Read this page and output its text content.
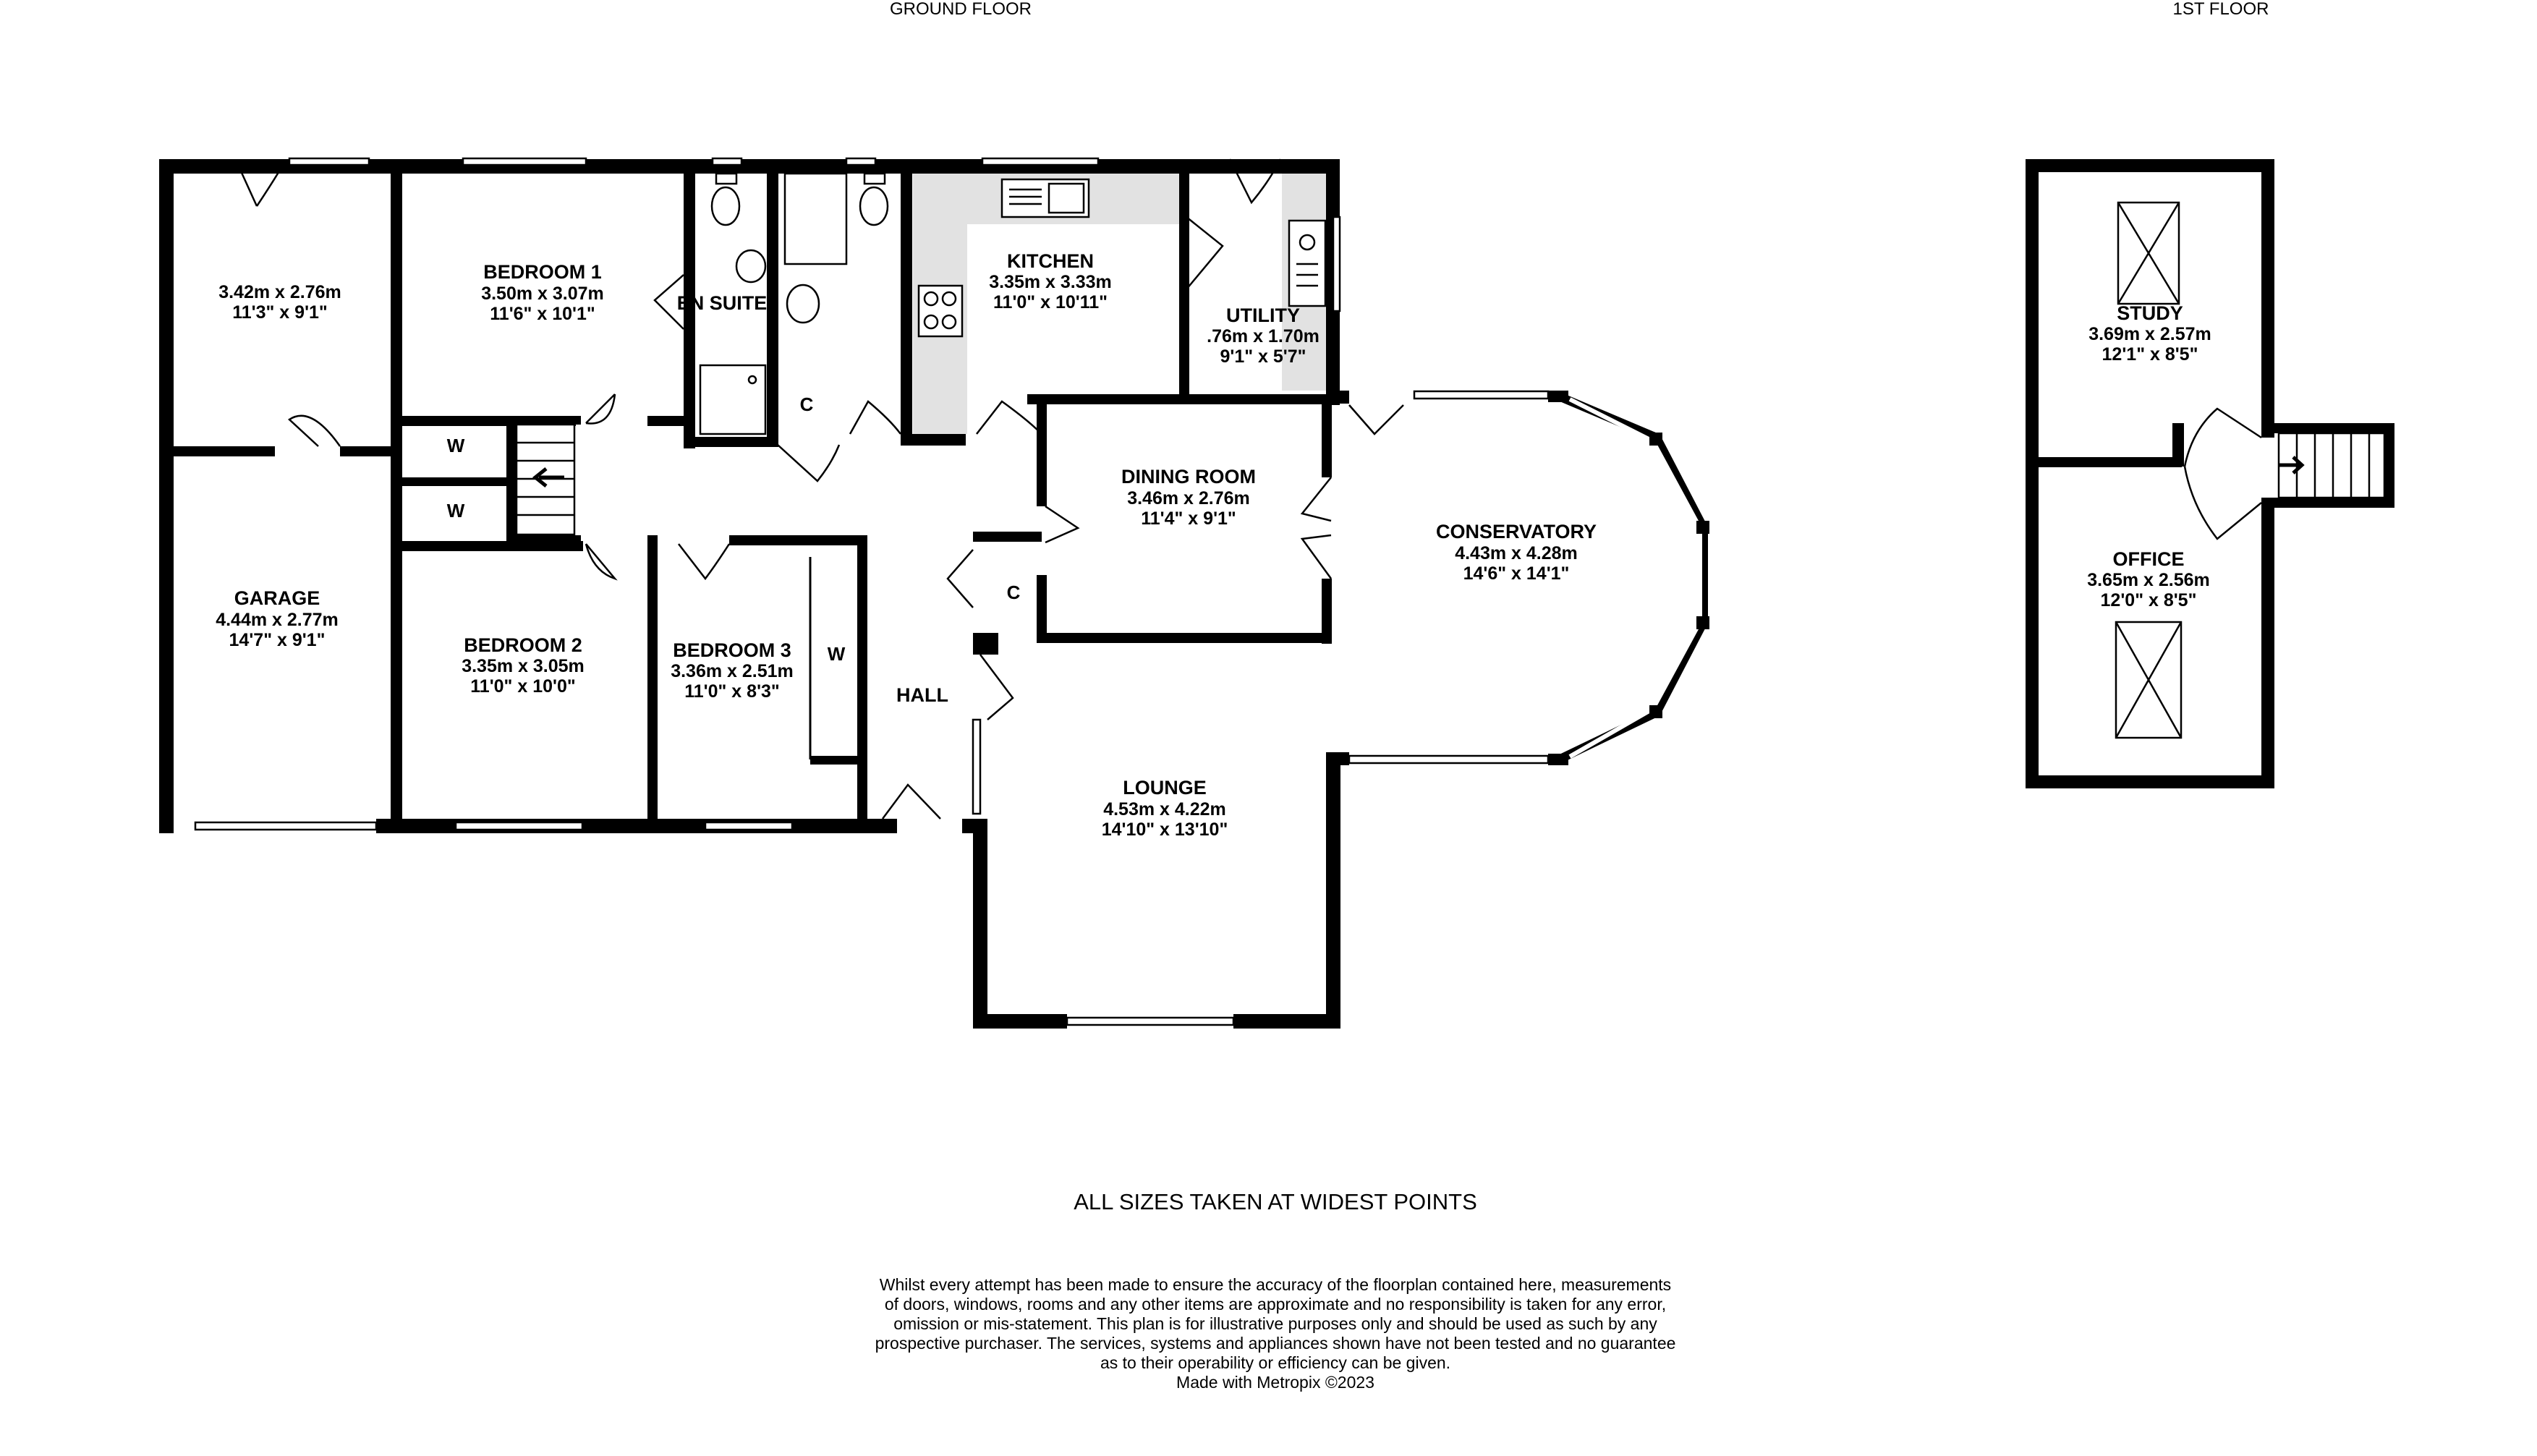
GROUND FLOOR	1ST FLOOR
3.42m x 2.76m
11'3" x 9'1"
BEDROOM 1
3.50m x 3.07m
11'6" x 10'1"	EN SUITE
KITCHEN
3.35m x 3.33m
11'0" x 10'11"
UTILITY
.76m x 1.70m
9'1" x 5'7"
DINING ROOM
3.46m x 2.76m
11'4" x 9'1"
CONSERVATORY
4.43m x 4.28m
14'6" x 14'1"
GARAGE
4.44m x 2.77m
14'7" x 9'1"	BEDROOM 2
3.35m x 3.05m
11'0" x 10'0"
BEDROOM 3
3.36m x 2.51m
11'0" x 8'3"	HALL
LOUNGE
4.53m x 4.22m
14'10" x 13'10"
W
W
W
C
C
STUDY
3.69m x 2.57m
12'1" x 8'5"
OFFICE
3.65m x 2.56m
12'0" x 8'5"
ALL SIZES TAKEN AT WIDEST POINTS
Whilst every attempt has been made to ensure the accuracy of the floorplan contained here, measurements
of doors, windows, rooms and any other items are approximate and no responsibility is taken for any error,
omission or mis-statement. This plan is for illustrative purposes only and should be used as such by any
prospective purchaser. The services, systems and appliances shown have not been tested and no guarantee
as to their operability or efficiency can be given.
Made with Metropix ©2023
